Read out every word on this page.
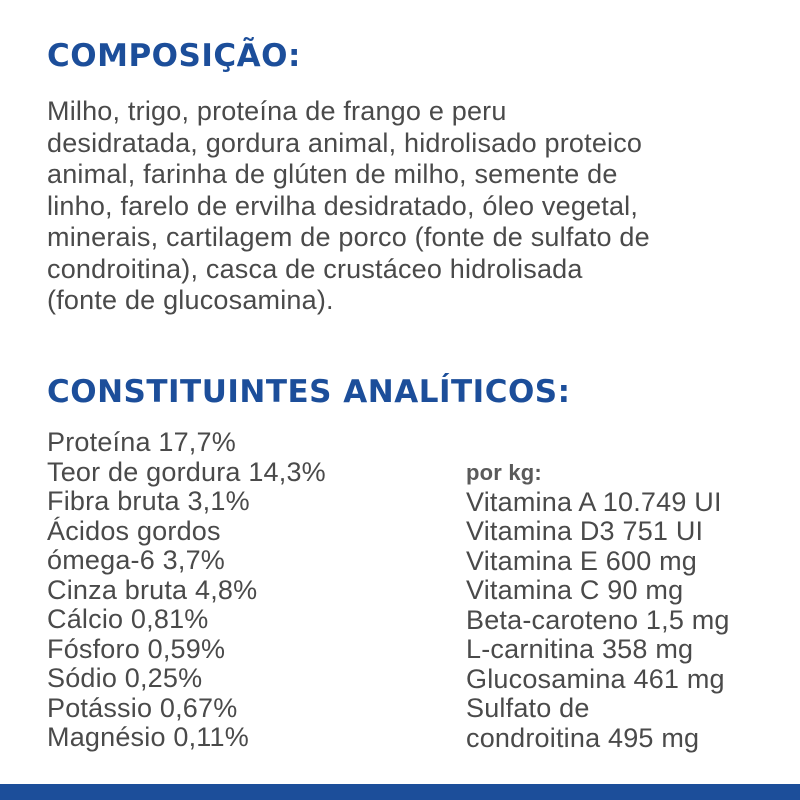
COMPOSIÇÃO:

Milho, trigo, proteína de frango e peru
desidratada, gordura animal, hidrolisado proteico
animal, farinha de glúten de milho, semente de
linho, farelo de ervilha desidratado, óleo vegetal,
minerais, cartilagem de porco (fonte de sulfato de
condroitina), casca de crustáceo hidrolisada
(fonte de glucosamina).

CONSTITUINTES ANALÍTICOS:
Proteína 17,7%
Teor de gordura 14,3%
Fibra bruta 3,1%
Ácidos gordos
ómega-6 3,7%
Cinza bruta 4,8%
Cálcio 0,81%
Fósforo 0,59%
Sódio 0,25%
Potássio 0,67%
Magnésio 0,11%
por kg:
Vitamina A 10.749 UI
Vitamina D3 751 UI
Vitamina E 600 mg
Vitamina C 90 mg
Beta-caroteno 1,5 mg
L-carnitina 358 mg
Glucosamina 461 mg
Sulfato de
condroitina 495 mg
